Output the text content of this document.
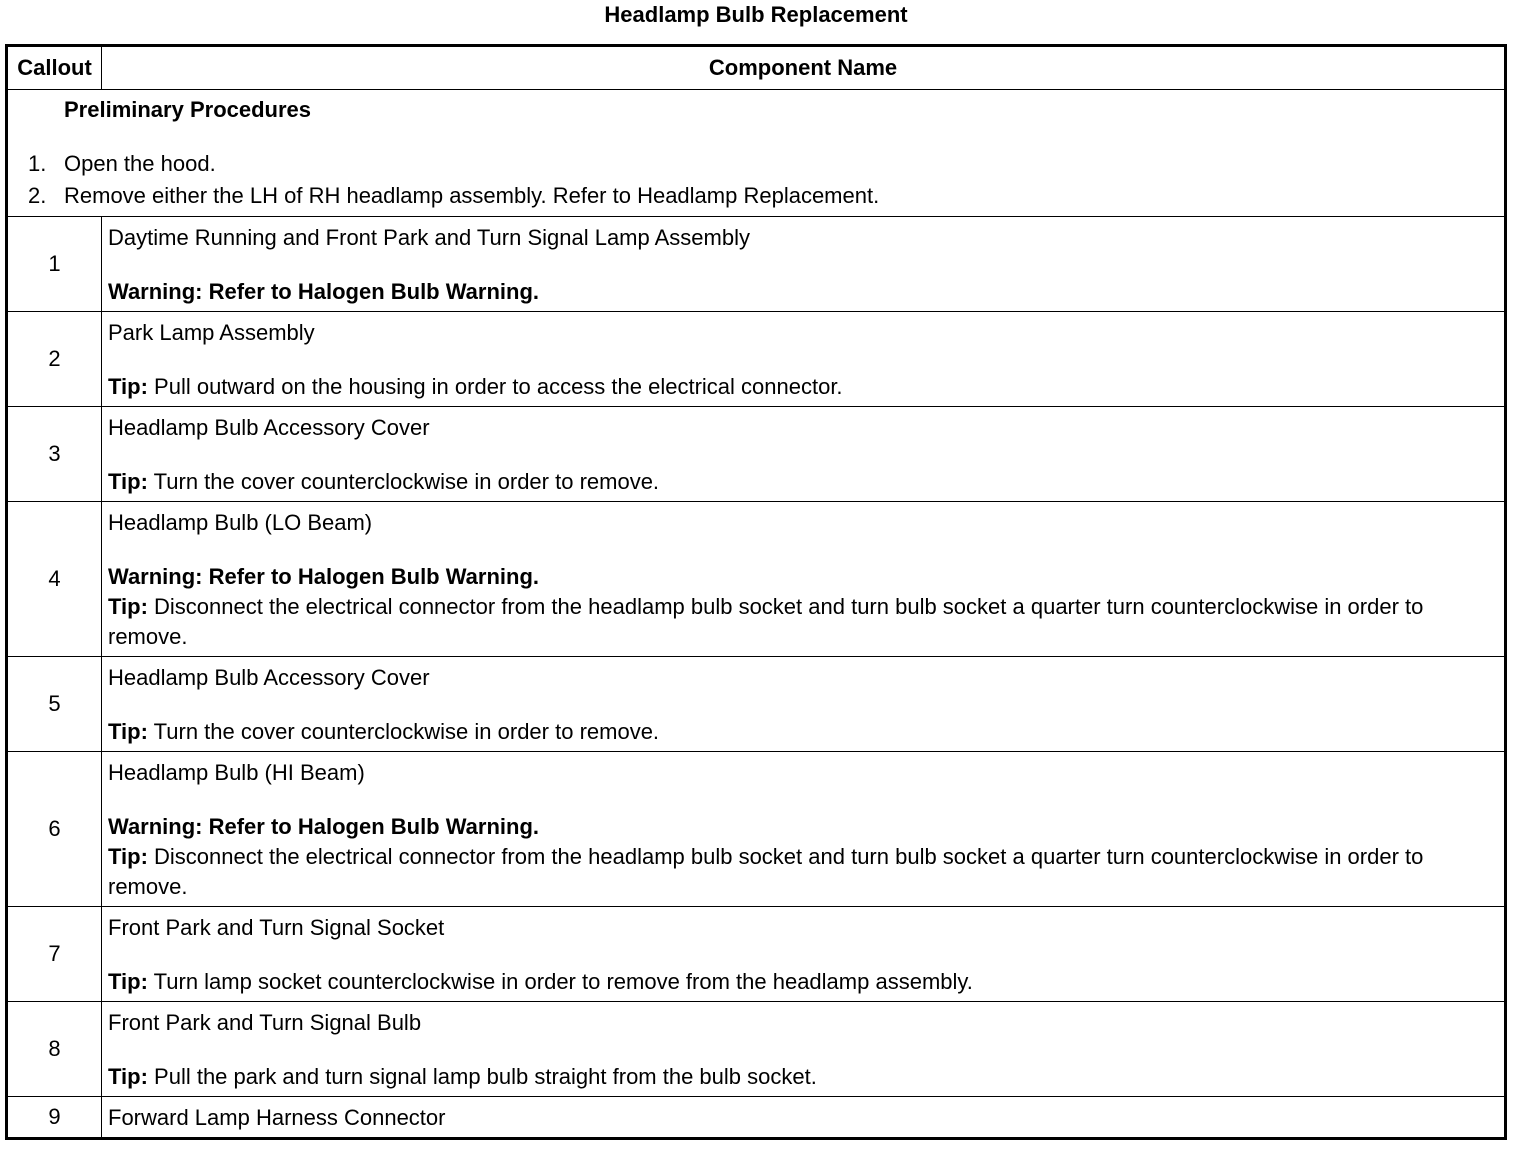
Headlamp Bulb Replacement
Callout	Component Name

Preliminary Procedures
1. Open the hood.
2. Remove either the LH of RH headlamp assembly. Refer to Headlamp Replacement.	

1	Daytime Running and Front Park and Turn Signal Lamp Assembly
Warning: Refer to Halogen Bulb Warning.

2	Park Lamp Assembly
Tip: Pull outward on the housing in order to access the electrical connector.

3	Headlamp Bulb Accessory Cover
Tip: Turn the cover counterclockwise in order to remove.

4	Headlamp Bulb (LO Beam)
Warning: Refer to Halogen Bulb Warning.
Tip: Disconnect the electrical connector from the headlamp bulb socket and turn bulb socket a quarter turn counterclockwise in order to remove.

5	Headlamp Bulb Accessory Cover
Tip: Turn the cover counterclockwise in order to remove.

6	Headlamp Bulb (HI Beam)
Warning: Refer to Halogen Bulb Warning.
Tip: Disconnect the electrical connector from the headlamp bulb socket and turn bulb socket a quarter turn counterclockwise in order to remove.

7	Front Park and Turn Signal Socket
Tip: Turn lamp socket counterclockwise in order to remove from the headlamp assembly.

8	Front Park and Turn Signal Bulb
Tip: Pull the park and turn signal lamp bulb straight from the bulb socket.

9	Forward Lamp Harness Connector
